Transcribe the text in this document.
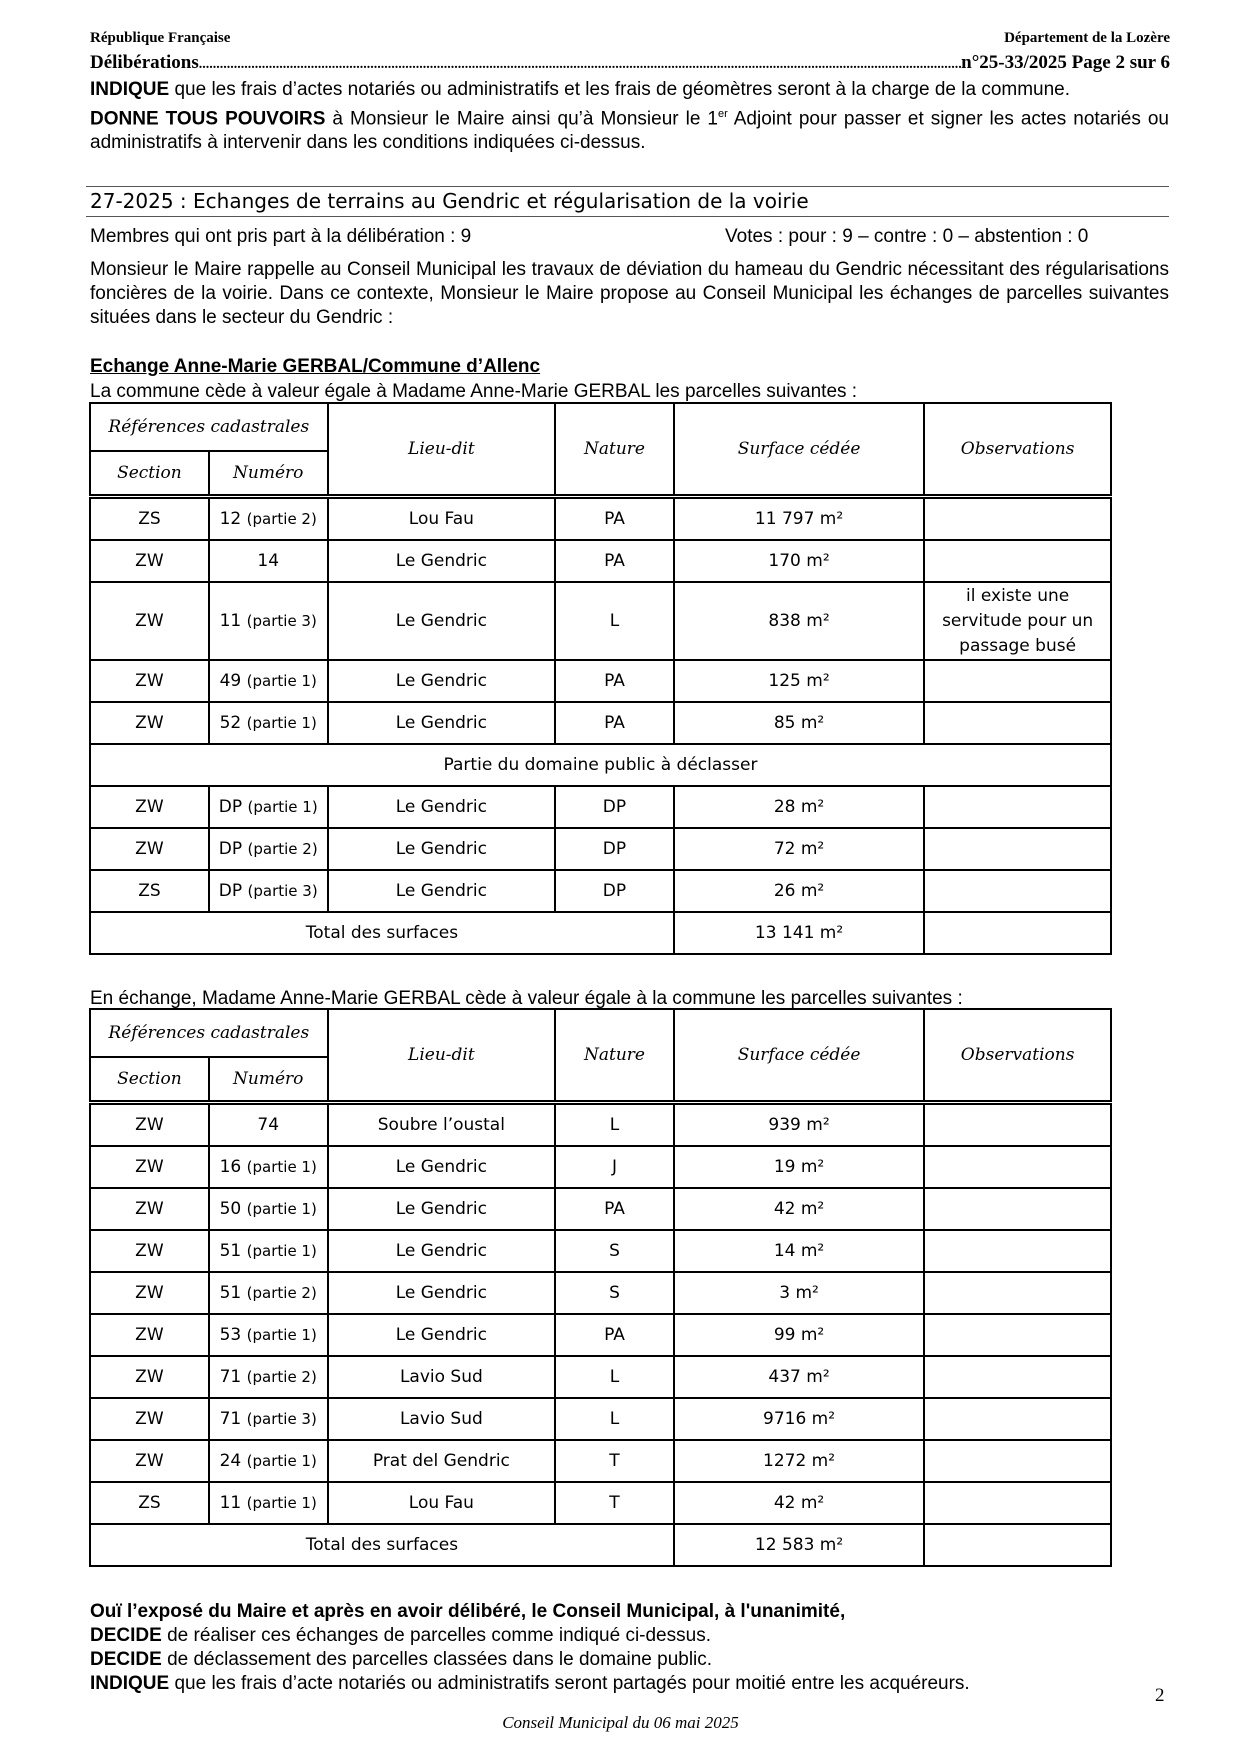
République Française	Département de la Lozère
Délibérations .....	n°25-33/2025
Page 2 sur 6
INDIQUE que les frais d’actes notariés ou administratifs et les frais de géomètres seront à la charge de la commune.
DONNE TOUS POUVOIRS à Monsieur le Maire ainsi qu’à Monsieur le 1er Adjoint pour passer et signer les actes notariés ou administratifs à intervenir dans les conditions indiquées ci-dessus.
27-2025 : Echanges de terrains au Gendric et régularisation de la voirie
Membres qui ont pris part à la délibération : 9	Votes : pour : 9 – contre : 0 – abstention : 0
Monsieur le Maire rappelle au Conseil Municipal les travaux de déviation du hameau du Gendric nécessitant des régularisations foncières de la voirie. Dans ce contexte, Monsieur le Maire propose au Conseil Municipal les échanges de parcelles suivantes situées dans le secteur du Gendric :
Echange Anne-Marie GERBAL/Commune d’Allenc
La commune cède à valeur égale à Madame Anne-Marie GERBAL les parcelles suivantes :
Références cadastrales		Lieu-dit	Nature	Surface cédée	Observations
Section	Numéro				

ZS	12 (partie 2)	Lou Fau	PA	11 797 m²	
ZW	14	Le Gendric	PA	170 m²	
ZW	11 (partie 3)	Le Gendric	L	838 m²	il existe une servitude pour un passage busé
ZW	49 (partie 1)	Le Gendric	PA	125 m²	
ZW	52 (partie 1)	Le Gendric	PA	85 m²	
Partie du domaine public à déclasser					
ZW	DP (partie 1)	Le Gendric	DP	28 m²	
ZW	DP (partie 2)	Le Gendric	DP	72 m²	
ZS	DP (partie 3)	Le Gendric	DP	26 m²	
Total des surfaces				13 141 m²	
En échange, Madame Anne-Marie GERBAL cède à valeur égale à la commune les parcelles suivantes :
Références cadastrales		Lieu-dit	Nature	Surface cédée	Observations
Section	Numéro				

ZW	74	Soubre l’oustal	L	939 m²	
ZW	16 (partie 1)	Le Gendric	J	19 m²	
ZW	50 (partie 1)	Le Gendric	PA	42 m²	
ZW	51 (partie 1)	Le Gendric	S	14 m²	
ZW	51 (partie 2)	Le Gendric	S	3 m²	
ZW	53 (partie 1)	Le Gendric	PA	99 m²	
ZW	71 (partie 2)	Lavio Sud	L	437 m²	
ZW	71 (partie 3)	Lavio Sud	L	9716 m²	
ZW	24 (partie 1)	Prat del Gendric	T	1272 m²	
ZS	11 (partie 1)	Lou Fau	T	42 m²	
Total des surfaces				12 583 m²	
Ouï l’exposé du Maire et après en avoir délibéré, le Conseil Municipal, à l'unanimité,
DECIDE de réaliser ces échanges de parcelles comme indiqué ci-dessus.
DECIDE de déclassement des parcelles classées dans le domaine public.
INDIQUE que les frais d’acte notariés ou administratifs seront partagés pour moitié entre les acquéreurs.
2
Conseil Municipal du 06 mai 2025
